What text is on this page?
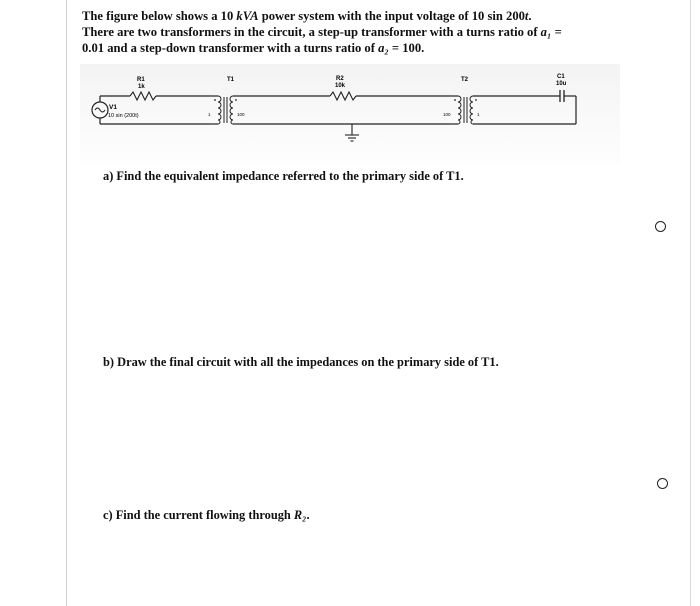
The figure below shows a 10 kVA power system with the input voltage of 10 sin 200t.
There are two transformers in the circuit, a step-up transformer with a turns ratio of a₁ =
0.01 and a step-down transformer with a turns ratio of a₂ = 100.
V1
10 sin (200t)
R1
1k
T1
1	100
R2
10k
T2
100	1
C1
10u
a) Find the equivalent impedance referred to the primary side of T1.
b) Draw the final circuit with all the impedances on the primary side of T1.
c) Find the current flowing through R₂.
